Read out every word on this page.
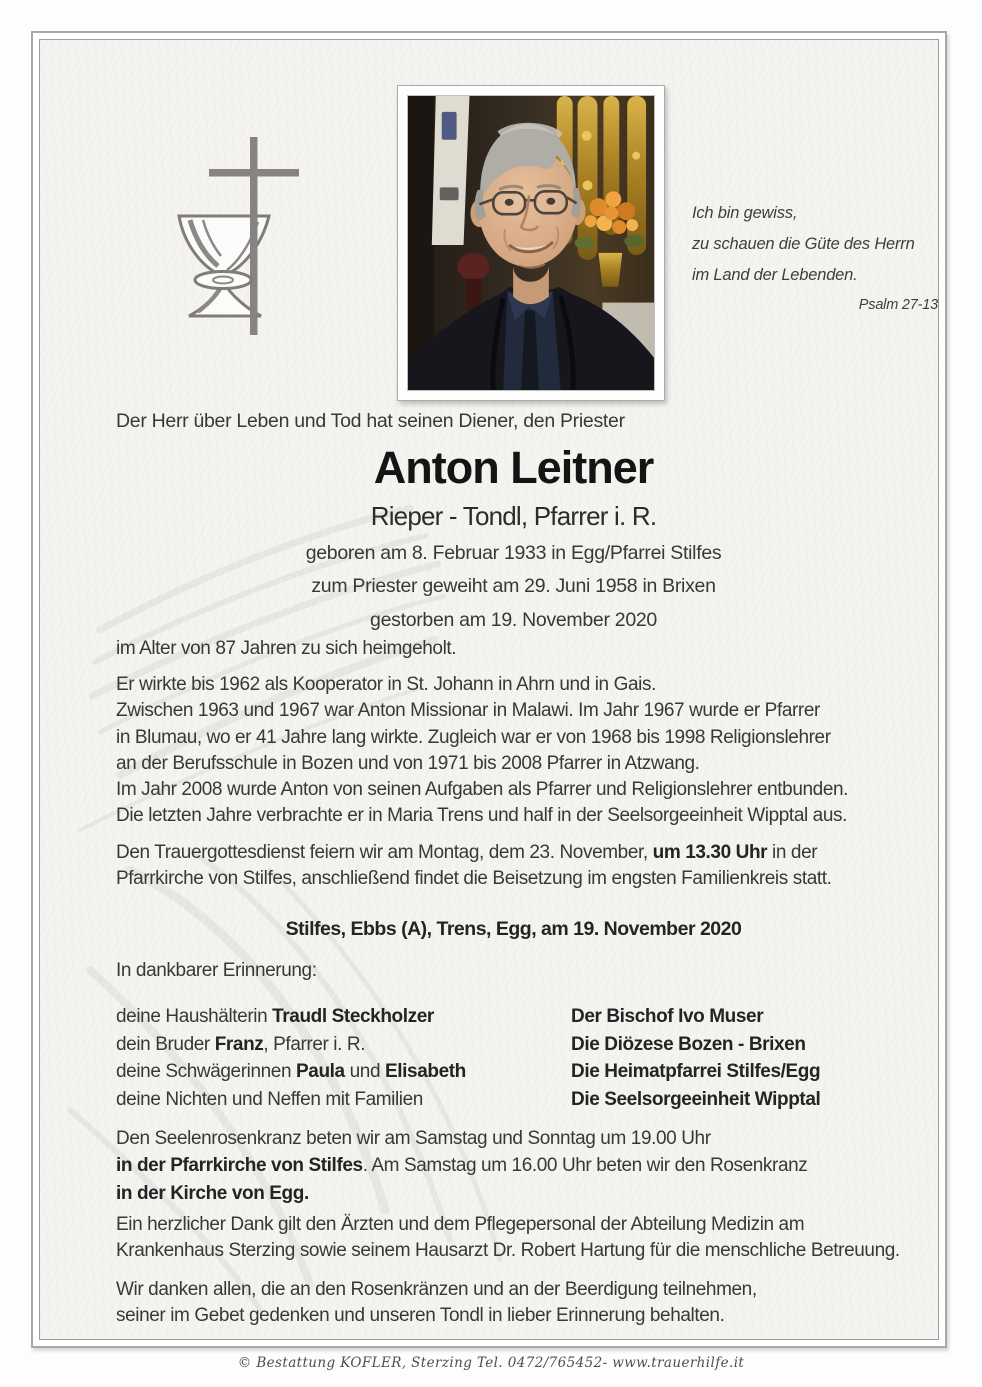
Ich bin gewiss,
zu schauen die Güte des Herrn
im Land der Lebenden.
Psalm 27-13
Der Herr über Leben und Tod hat seinen Diener, den Priester
Anton Leitner
Rieper - Tondl, Pfarrer i. R.
geboren am 8. Februar 1933 in Egg/Pfarrei Stilfes
zum Priester geweiht am 29. Juni 1958 in Brixen
gestorben am 19. November 2020
im Alter von 87 Jahren zu sich heimgeholt.
Er wirkte bis 1962 als Kooperator in St. Johann in Ahrn und in Gais.
Zwischen 1963 und 1967 war Anton Missionar in Malawi. Im Jahr 1967 wurde er Pfarrer
in Blumau, wo er 41 Jahre lang wirkte. Zugleich war er von 1968 bis 1998 Religionslehrer
an der Berufsschule in Bozen und von 1971 bis 2008 Pfarrer in Atzwang.
Im Jahr 2008 wurde Anton von seinen Aufgaben als Pfarrer und Religionslehrer entbunden.
Die letzten Jahre verbrachte er in Maria Trens und half in der Seelsorgeeinheit Wipptal aus.
Den Trauergottesdienst feiern wir am Montag, dem 23. November, um 13.30 Uhr in der
Pfarrkirche von Stilfes, anschließend findet die Beisetzung im engsten Familienkreis statt.
Stilfes, Ebbs (A), Trens, Egg, am 19. November 2020
In dankbarer Erinnerung:
deine Haushälterin Traudl Steckholzer
dein Bruder Franz, Pfarrer i. R.
deine Schwägerinnen Paula und Elisabeth
deine Nichten und Neffen mit Familien
Der Bischof Ivo Muser
Die Diözese Bozen - Brixen
Die Heimatpfarrei Stilfes/Egg
Die Seelsorgeeinheit Wipptal
Den Seelenrosenkranz beten wir am Samstag und Sonntag um 19.00 Uhr
in der Pfarrkirche von Stilfes. Am Samstag um 16.00 Uhr beten wir den Rosenkranz
in der Kirche von Egg.
Ein herzlicher Dank gilt den Ärzten und dem Pflegepersonal der Abteilung Medizin am
Krankenhaus Sterzing sowie seinem Hausarzt Dr. Robert Hartung für die menschliche Betreuung.
Wir danken allen, die an den Rosenkränzen und an der Beerdigung teilnehmen,
seiner im Gebet gedenken und unseren Tondl in lieber Erinnerung behalten.
© Bestattung KOFLER, Sterzing Tel. 0472/765452- www.trauerhilfe.it
